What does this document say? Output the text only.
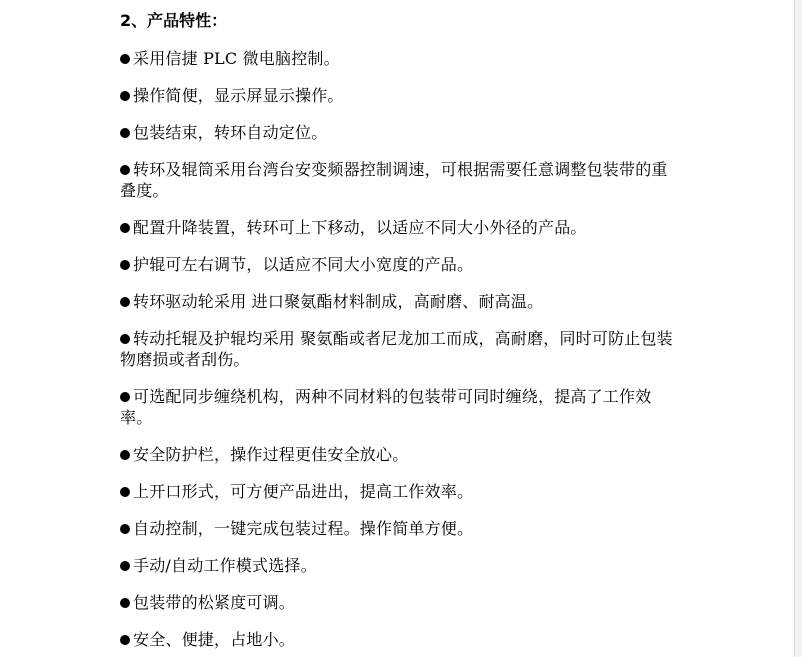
2、产品特性：
采用信捷 PLC 微电脑控制。
操作简便，显示屏显示操作。
包装结束，转环自动定位。
转环及辊筒采用台湾台安变频器控制调速，可根据需要任意调整包装带的重叠度。
配置升降装置，转环可上下移动，以适应不同大小外径的产品。
护辊可左右调节，以适应不同大小宽度的产品。
转环驱动轮采用 进口聚氨酯材料制成，高耐磨、耐高温。
转动托辊及护辊均采用 聚氨酯或者尼龙加工而成，高耐磨，同时可防止包装物磨损或者刮伤。
可选配同步缠绕机构，两种不同材料的包装带可同时缠绕，提高了工作效率。
安全防护栏，操作过程更佳安全放心。
上开口形式，可方便产品进出，提高工作效率。
自动控制，一键完成包装过程。操作简单方便。
手动/自动工作模式选择。
包装带的松紧度可调。
安全、便捷，占地小。
